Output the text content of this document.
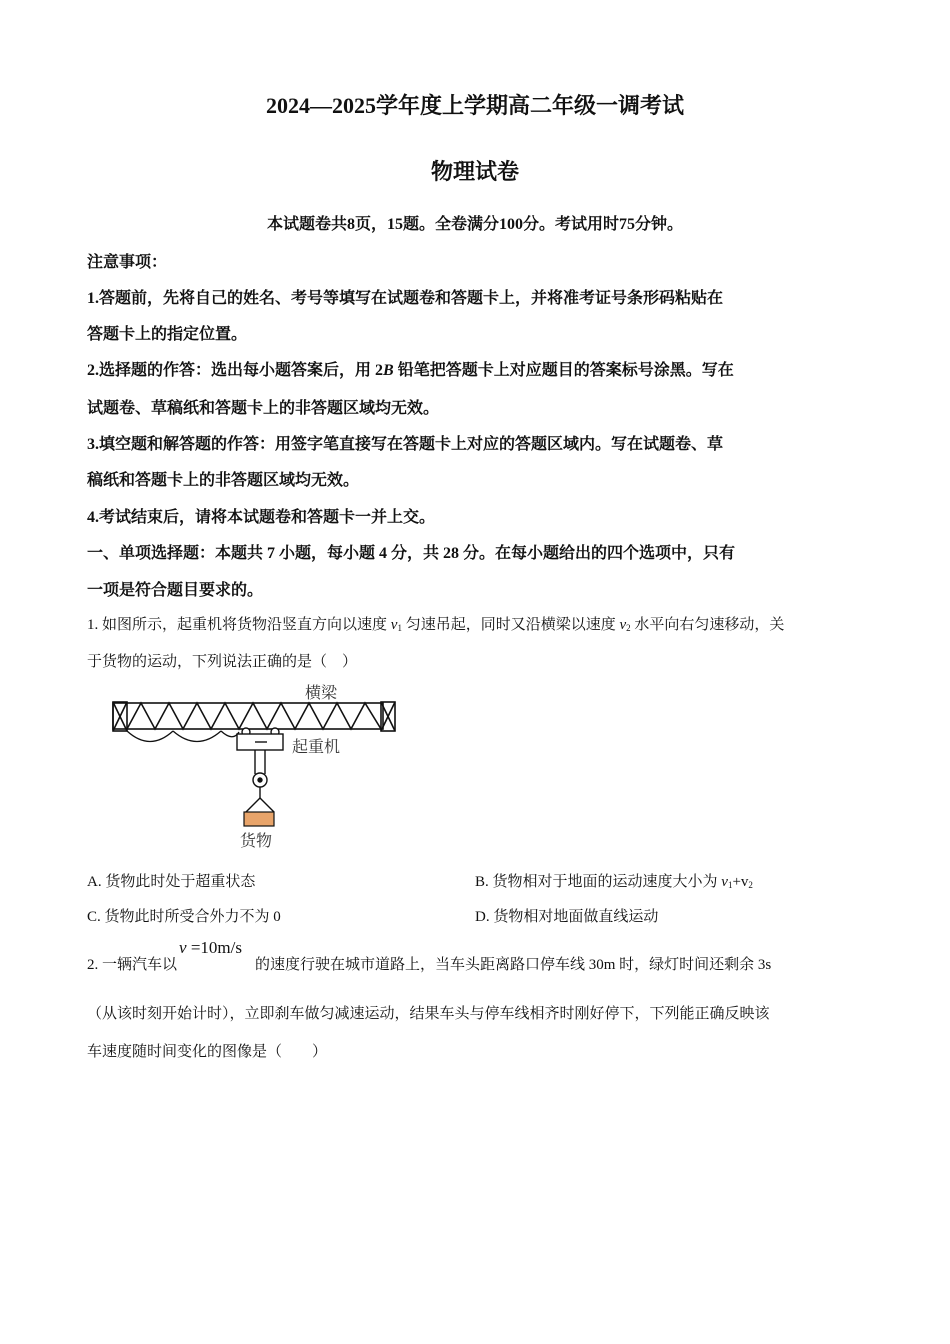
2024—2025学年度上学期高二年级一调考试
物理试卷
本试题卷共8页，15题。全卷满分100分。考试用时75分钟。
注意事项：
1.答题前，先将自己的姓名、考号等填写在试题卷和答题卡上，并将准考证号条形码粘贴在
答题卡上的指定位置。
2.选择题的作答：选出每小题答案后，用 2B 铅笔把答题卡上对应题目的答案标号涂黑。写在
试题卷、草稿纸和答题卡上的非答题区域均无效。
3.填空题和解答题的作答：用签字笔直接写在答题卡上对应的答题区域内。写在试题卷、草
稿纸和答题卡上的非答题区域均无效。
4.考试结束后，请将本试题卷和答题卡一并上交。
一、单项选择题：本题共 7 小题，每小题 4 分，共 28 分。在每小题给出的四个选项中，只有
一项是符合题目要求的。
1. 如图所示，起重机将货物沿竖直方向以速度 $v_1$ 匀速吊起，同时又沿横梁以速度 $v_2$ 水平向右匀速移动，关
于货物的运动，下列说法正确的是（　）
横梁
起重机
货物
A. 货物此时处于超重状态	B. 货物相对于地面的运动速度大小为 $v_1+v_2$
C. 货物此时所受合外力不为 0	D. 货物相对地面做直线运动
2. 一辆汽车以
v =10m/s
的速度行驶在城市道路上，当车头距离路口停车线 30m 时，绿灯时间还剩余 3s
（从该时刻开始计时），立即刹车做匀减速运动，结果车头与停车线相齐时刚好停下，下列能正确反映该
车速度随时间变化的图像是（　　）
